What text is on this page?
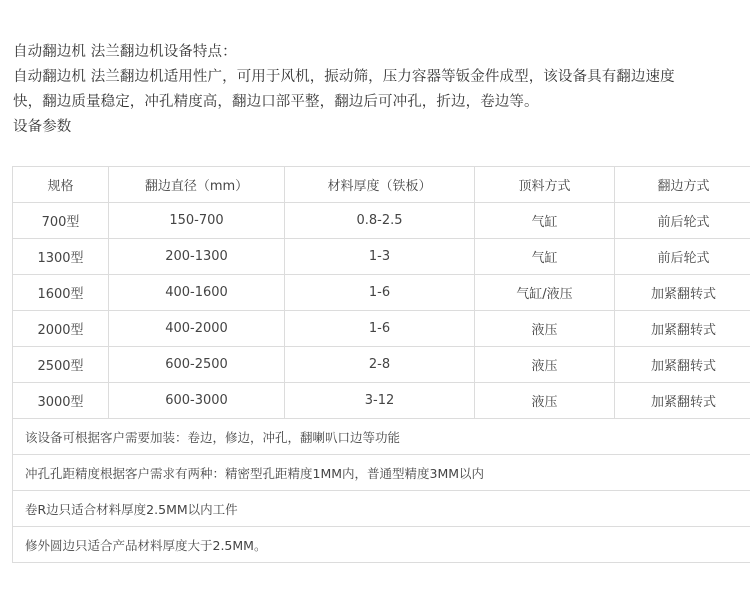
自动翻边机 法兰翻边机设备特点：
自动翻边机 法兰翻边机适用性广，可用于风机，振动筛，压力容器等钣金件成型，该设备具有翻边速度
快，翻边质量稳定，冲孔精度高，翻边口部平整，翻边后可冲孔，折边，卷边等。
设备参数
规格	翻边直径（mm）	材料厚度（铁板）	顶料方式	翻边方式
700型	150-700	0.8-2.5	气缸	前后轮式
1300型	200-1300	1-3	气缸	前后轮式
1600型	400-1600	1-6	气缸/液压	加紧翻转式
2000型	400-2000	1-6	液压	加紧翻转式
2500型	600-2500	2-8	液压	加紧翻转式
3000型	600-3000	3-12	液压	加紧翻转式
该设备可根据客户需要加装：卷边，修边，冲孔，翻喇叭口边等功能				
冲孔孔距精度根据客户需求有两种：精密型孔距精度1MM内，普通型精度3MM以内				
卷R边只适合材料厚度2.5MM以内工件				
修外圆边只适合产品材料厚度大于2.5MM。				
